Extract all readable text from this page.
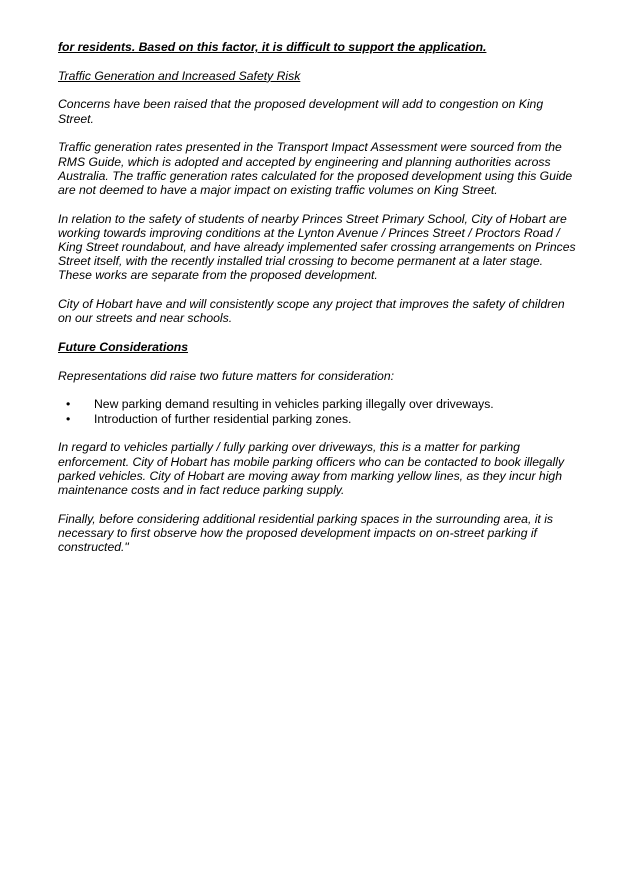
for residents. Based on this factor, it is difficult to support the application.

Traffic Generation and Increased Safety Risk

Concerns have been raised that the proposed development will add to congestion on King Street.

Traffic generation rates presented in the Transport Impact Assessment were sourced from the RMS Guide, which is adopted and accepted by engineering and planning authorities across Australia. The traffic generation rates calculated for the proposed development using this Guide are not deemed to have a major impact on existing traffic volumes on King Street.

In relation to the safety of students of nearby Princes Street Primary School, City of Hobart are working towards improving conditions at the Lynton Avenue / Princes Street / Proctors Road / King Street roundabout, and have already implemented safer crossing arrangements on Princes Street itself, with the recently installed trial crossing to become permanent at a later stage. These works are separate from the proposed development.

City of Hobart have and will consistently scope any project that improves the safety of children on our streets and near schools.

Future Considerations

Representations did raise two future matters for consideration:

• New parking demand resulting in vehicles parking illegally over driveways.
• Introduction of further residential parking zones.

In regard to vehicles partially / fully parking over driveways, this is a matter for parking enforcement. City of Hobart has mobile parking officers who can be contacted to book illegally parked vehicles. City of Hobart are moving away from marking yellow lines, as they incur high maintenance costs and in fact reduce parking supply.

Finally, before considering additional residential parking spaces in the surrounding area, it is necessary to first observe how the proposed development impacts on on-street parking if constructed."
